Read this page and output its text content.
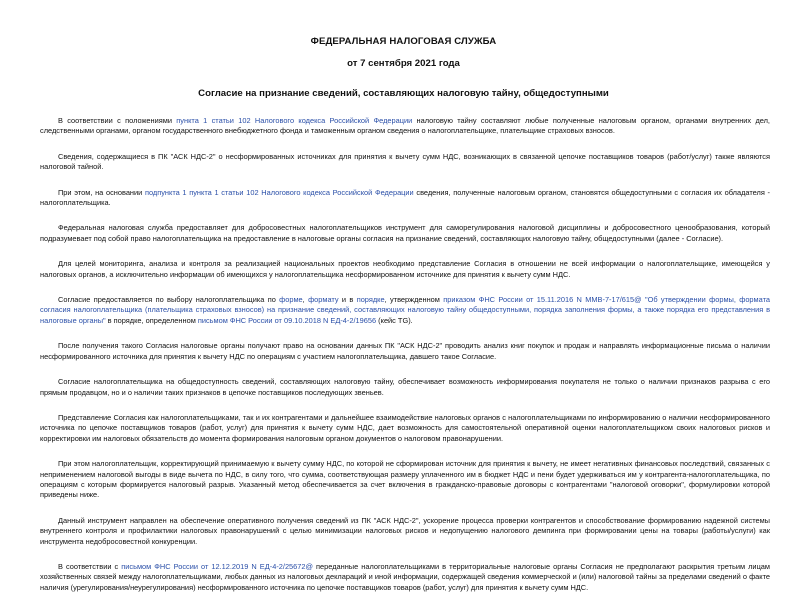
ФЕДЕРАЛЬНАЯ НАЛОГОВАЯ СЛУЖБА
от 7 сентября 2021 года
Согласие на признание сведений, составляющих налоговую тайну, общедоступными

В соответствии с положениями пункта 1 статьи 102 Налогового кодекса Российской Федерации налоговую тайну составляют любые полученные налоговым органом, органами внутренних дел, следственными органами, органом государственного внебюджетного фонда и таможенным органом сведения о налогоплательщике, плательщике страховых взносов.

Сведения, содержащиеся в ПК "АСК НДС-2" о несформированных источниках для принятия к вычету сумм НДС, возникающих в связанной цепочке поставщиков товаров (работ/услуг) также являются налоговой тайной.

При этом, на основании подпункта 1 пункта 1 статьи 102 Налогового кодекса Российской Федерации сведения, полученные налоговым органом, становятся общедоступными с согласия их обладателя - налогоплательщика.

Федеральная налоговая служба предоставляет для добросовестных налогоплательщиков инструмент для саморегулирования налоговой дисциплины и добросовестного ценообразования, который подразумевает под собой право налогоплательщика на предоставление в налоговые органы согласия на признание сведений, составляющих налоговую тайну, общедоступными (далее - Согласие).

Для целей мониторинга, анализа и контроля за реализацией национальных проектов необходимо представление Согласия в отношении не всей информации о налогоплательщике, имеющейся у налоговых органов, а исключительно информации об имеющихся у налогоплательщика несформированном источнике для принятия к вычету сумм НДС.

Согласие предоставляется по выбору налогоплательщика по форме, формату и в порядке, утвержденном приказом ФНС России от 15.11.2016 N ММВ-7-17/615@ "Об утверждении формы, формата согласия налогоплательщика (плательщика страховых взносов) на признание сведений, составляющих налоговую тайну общедоступными, порядка заполнения формы, а также порядка его представления в налоговые органы" в порядке, определенном письмом ФНС России от 09.10.2018 N ЕД-4-2/19656 (кейс TG).

После получения такого Согласия налоговые органы получают право на основании данных ПК "АСК НДС-2" проводить анализ книг покупок и продаж и направлять информационные письма о наличии несформированного источника для принятия к вычету НДС по операциям с участием налогоплательщика, давшего такое Согласие.

Согласие налогоплательщика на общедоступность сведений, составляющих налоговую тайну, обеспечивает возможность информирования покупателя не только о наличии признаков разрыва с его прямым продавцом, но и о наличии таких признаков в цепочке поставщиков последующих звеньев.

Представление Согласия как налогоплательщиками, так и их контрагентами и дальнейшее взаимодействие налоговых органов с налогоплательщиками по информированию о наличии несформированного источника по цепочке поставщиков товаров (работ, услуг) для принятия к вычету сумм НДС, дает возможность для самостоятельной оперативной оценки налогоплательщиком своих налоговых рисков и корректировки им налоговых обязательств до момента формирования налоговым органом документов о налоговом правонарушении.

При этом налогоплательщик, корректирующий принимаемую к вычету сумму НДС, по которой не сформирован источник для принятия к вычету, не имеет негативных финансовых последствий, связанных с неприменением налоговой выгоды в виде вычета по НДС, в силу того, что сумма, соответствующая размеру уплаченного им в бюджет НДС и пени будет удерживаться им у контрагента-налогоплательщика, по операциям с которым формируется налоговый разрыв. Указанный метод обеспечивается за счет включения в гражданско-правовые договоры с контрагентами "налоговой оговорки", формулировки которой приведены ниже.

Данный инструмент направлен на обеспечение оперативного получения сведений из ПК "АСК НДС-2", ускорение процесса проверки контрагентов и способствование формированию надежной системы внутреннего контроля и профилактики налоговых правонарушений с целью минимизации налоговых рисков и недопущению налогового демпинга при формировании цены на товары (работы/услуги) как инструмента недобросовестной конкуренции.

В соответствии с письмом ФНС России от 12.12.2019 N ЕД-4-2/25672@ переданные налогоплательщиками в территориальные налоговые органы Согласия не предполагают раскрытия третьим лицам хозяйственных связей между налогоплательщиками, любых данных из налоговых деклараций и иной информации, содержащей сведения коммерческой и (или) налоговой тайны за пределами сведений о факте наличия (урегулирования/неурегулирования) несформированного источника по цепочке поставщиков товаров (работ, услуг) для принятия к вычету сумм НДС.
